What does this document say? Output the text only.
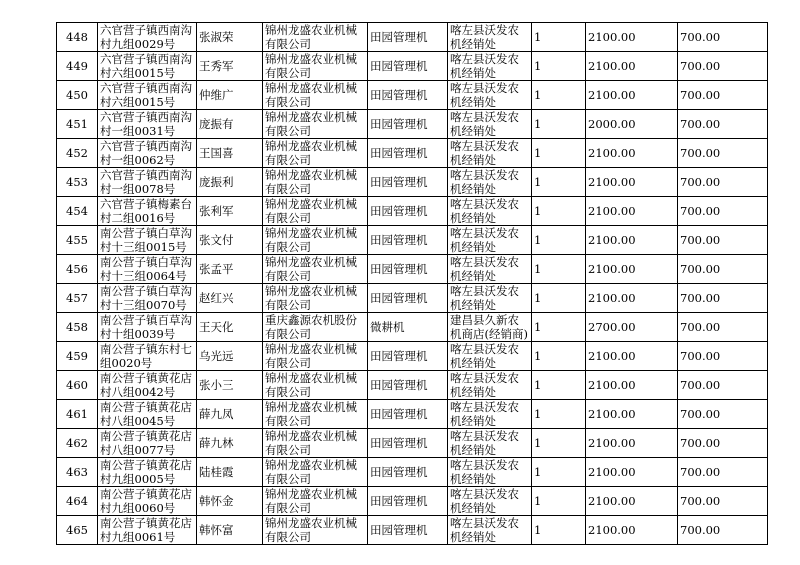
448	六官营子镇西南沟村九组0029号	张淑荣	锦州龙盛农业机械有限公司	田园管理机	喀左县沃发农机经销处	1	2100.00	700.00
449	六官营子镇西南沟村六组0015号	王秀军	锦州龙盛农业机械有限公司	田园管理机	喀左县沃发农机经销处	1	2100.00	700.00
450	六官营子镇西南沟村六组0015号	仲维广	锦州龙盛农业机械有限公司	田园管理机	喀左县沃发农机经销处	1	2100.00	700.00
451	六官营子镇西南沟村一组0031号	庞振有	锦州龙盛农业机械有限公司	田园管理机	喀左县沃发农机经销处	1	2000.00	700.00
452	六官营子镇西南沟村一组0062号	王国喜	锦州龙盛农业机械有限公司	田园管理机	喀左县沃发农机经销处	1	2100.00	700.00
453	六官营子镇西南沟村一组0078号	庞振利	锦州龙盛农业机械有限公司	田园管理机	喀左县沃发农机经销处	1	2100.00	700.00
454	六官营子镇梅素台村二组0016号	张利军	锦州龙盛农业机械有限公司	田园管理机	喀左县沃发农机经销处	1	2100.00	700.00
455	南公营子镇白草沟村十三组0015号	张文付	锦州龙盛农业机械有限公司	田园管理机	喀左县沃发农机经销处	1	2100.00	700.00
456	南公营子镇白草沟村十三组0064号	张孟平	锦州龙盛农业机械有限公司	田园管理机	喀左县沃发农机经销处	1	2100.00	700.00
457	南公营子镇白草沟村十三组0070号	赵红兴	锦州龙盛农业机械有限公司	田园管理机	喀左县沃发农机经销处	1	2100.00	700.00
458	南公营子镇百草沟村十组0039号	王天化	重庆鑫源农机股份有限公司	微耕机	建昌县久新农机商店(经销商)	1	2700.00	700.00
459	南公营子镇东村七组0020号	乌光远	锦州龙盛农业机械有限公司	田园管理机	喀左县沃发农机经销处	1	2100.00	700.00
460	南公营子镇黄花店村八组0042号	张小三	锦州龙盛农业机械有限公司	田园管理机	喀左县沃发农机经销处	1	2100.00	700.00
461	南公营子镇黄花店村八组0045号	薛九凤	锦州龙盛农业机械有限公司	田园管理机	喀左县沃发农机经销处	1	2100.00	700.00
462	南公营子镇黄花店村八组0077号	薛九林	锦州龙盛农业机械有限公司	田园管理机	喀左县沃发农机经销处	1	2100.00	700.00
463	南公营子镇黄花店村九组0005号	陆桂霞	锦州龙盛农业机械有限公司	田园管理机	喀左县沃发农机经销处	1	2100.00	700.00
464	南公营子镇黄花店村九组0060号	韩怀金	锦州龙盛农业机械有限公司	田园管理机	喀左县沃发农机经销处	1	2100.00	700.00
465	南公营子镇黄花店村九组0061号	韩怀富	锦州龙盛农业机械有限公司	田园管理机	喀左县沃发农机经销处	1	2100.00	700.00
